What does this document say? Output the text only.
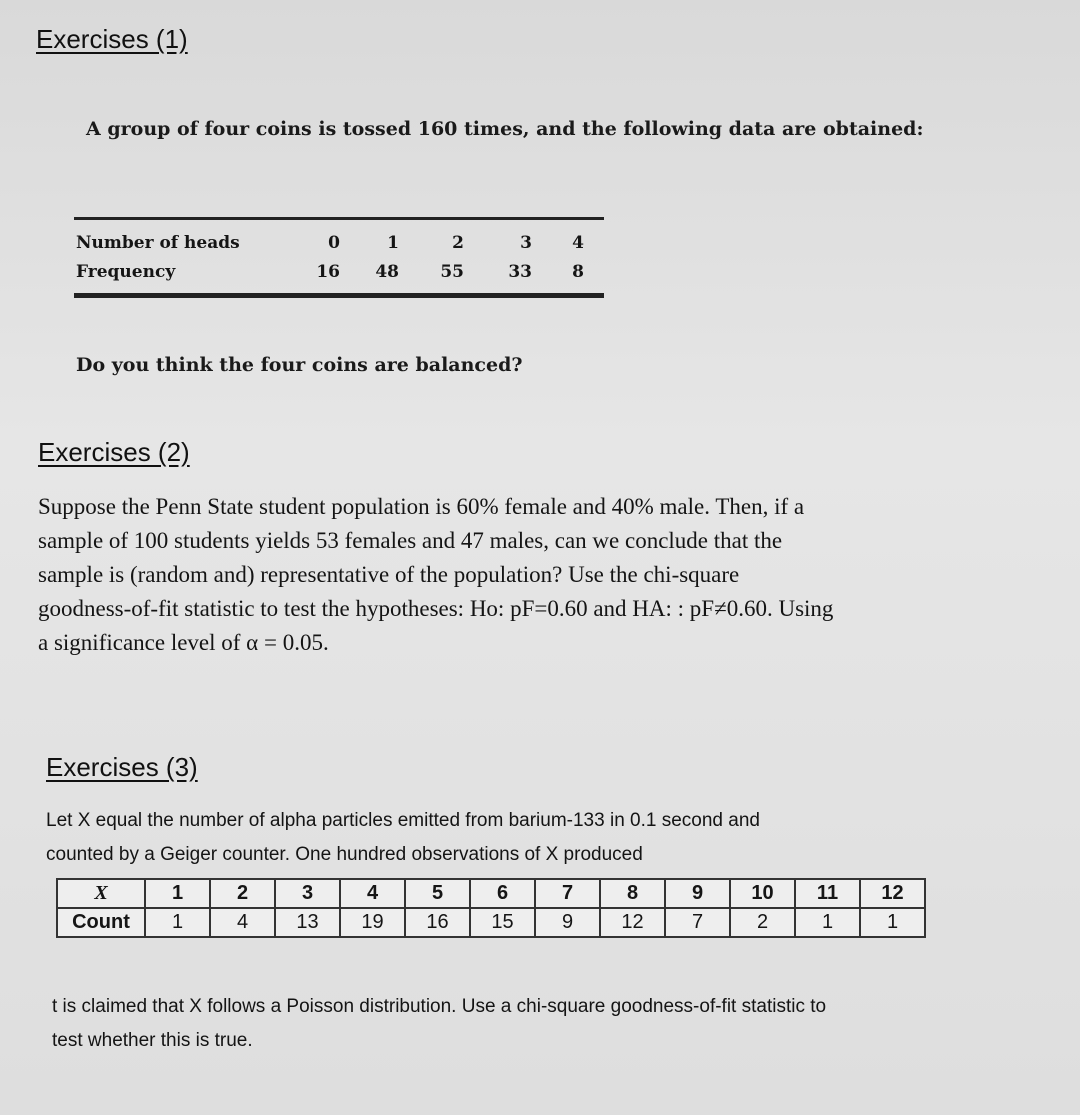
Exercises (1)
A group of four coins is tossed 160 times, and the following data are obtained:
Number of heads	0	1	2	3	4
Frequency	16	48	55	33	8
Do you think the four coins are balanced?
Exercises (2)
Suppose the Penn State student population is 60% female and 40% male. Then, if a
sample of 100 students yields 53 females and 47 males, can we conclude that the
sample is (random and) representative of the population? Use the chi-square
goodness-of-fit statistic to test the hypotheses: Ho: pF=0.60 and HA: : pF≠0.60. Using
a significance level of α = 0.05.
Exercises (3)
Let X equal the number of alpha particles emitted from barium-133 in 0.1 second and
counted by a Geiger counter. One hundred observations of X produced
X	1	2	3	4	5	6	7	8	9	10	11	12
Count	1	4	13	19	16	15	9	12	7	2	1	1
t is claimed that X follows a Poisson distribution. Use a chi-square goodness-of-fit statistic to
test whether this is true.
